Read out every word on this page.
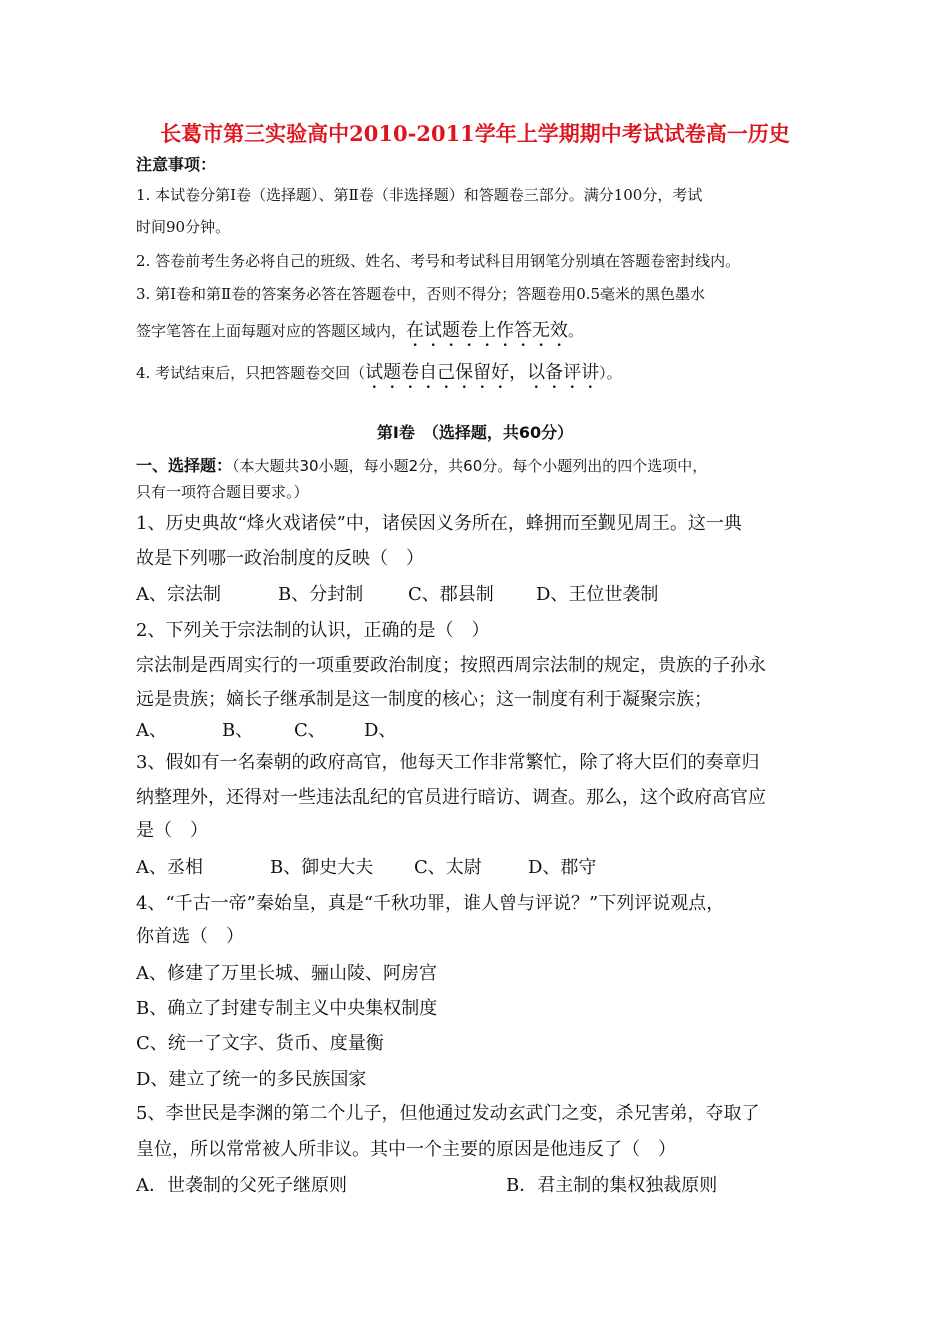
长葛市第三实验高中2010-2011学年上学期期中考试试卷高一历史
注意事项：
1. 本试卷分第Ⅰ卷（选择题）、第Ⅱ卷（非选择题）和答题卷三部分。满分100分，考试
时间90分钟。
2. 答卷前考生务必将自己的班级、姓名、考号和考试科目用钢笔分别填在答题卷密封线内。
3. 第Ⅰ卷和第Ⅱ卷的答案务必答在答题卷中，否则不得分；答题卷用0.5毫米的黑色墨水
签字笔答在上面每题对应的答题区域内，在试题卷上作答无效。
4. 考试结束后，只把答题卷交回（试题卷自己保留好，以备评讲）。
第Ⅰ卷　（选择题，共60分）
一、选择题：（本大题共30小题，每小题2分，共60分。每个小题列出的四个选项中，
只有一项符合题目要求。）
1、历史典故“烽火戏诸侯”中，诸侯因义务所在，蜂拥而至觐见周王。这一典
故是下列哪一政治制度的反映（　）
A、宗法制	B、分封制 C、郡县制 D、王位世袭制
2、下列关于宗法制的认识，正确的是（　）
宗法制是西周实行的一项重要政治制度；按照西周宗法制的规定，贵族的子孙永
远是贵族；嫡长子继承制是这一制度的核心；这一制度有利于凝聚宗族；
A、	B、 C、 D、
3、假如有一名秦朝的政府高官，他每天工作非常繁忙，除了将大臣们的奏章归
纳整理外，还得对一些违法乱纪的官员进行暗访、调查。那么，这个政府高官应
是（　）
A、丞相	B、御史大夫 C、太尉	D、郡守
4、“千古一帝”秦始皇，真是“千秋功罪，谁人曾与评说？”下列评说观点，
你首选（　）
A、修建了万里长城、骊山陵、阿房宫
B、确立了封建专制主义中央集权制度
C、统一了文字、货币、度量衡
D、建立了统一的多民族国家
5、李世民是李渊的第二个儿子，但他通过发动玄武门之变，杀兄害弟，夺取了
皇位，所以常常被人所非议。其中一个主要的原因是他违反了（　）
A．世袭制的父死子继原则	B．君主制的集权独裁原则
